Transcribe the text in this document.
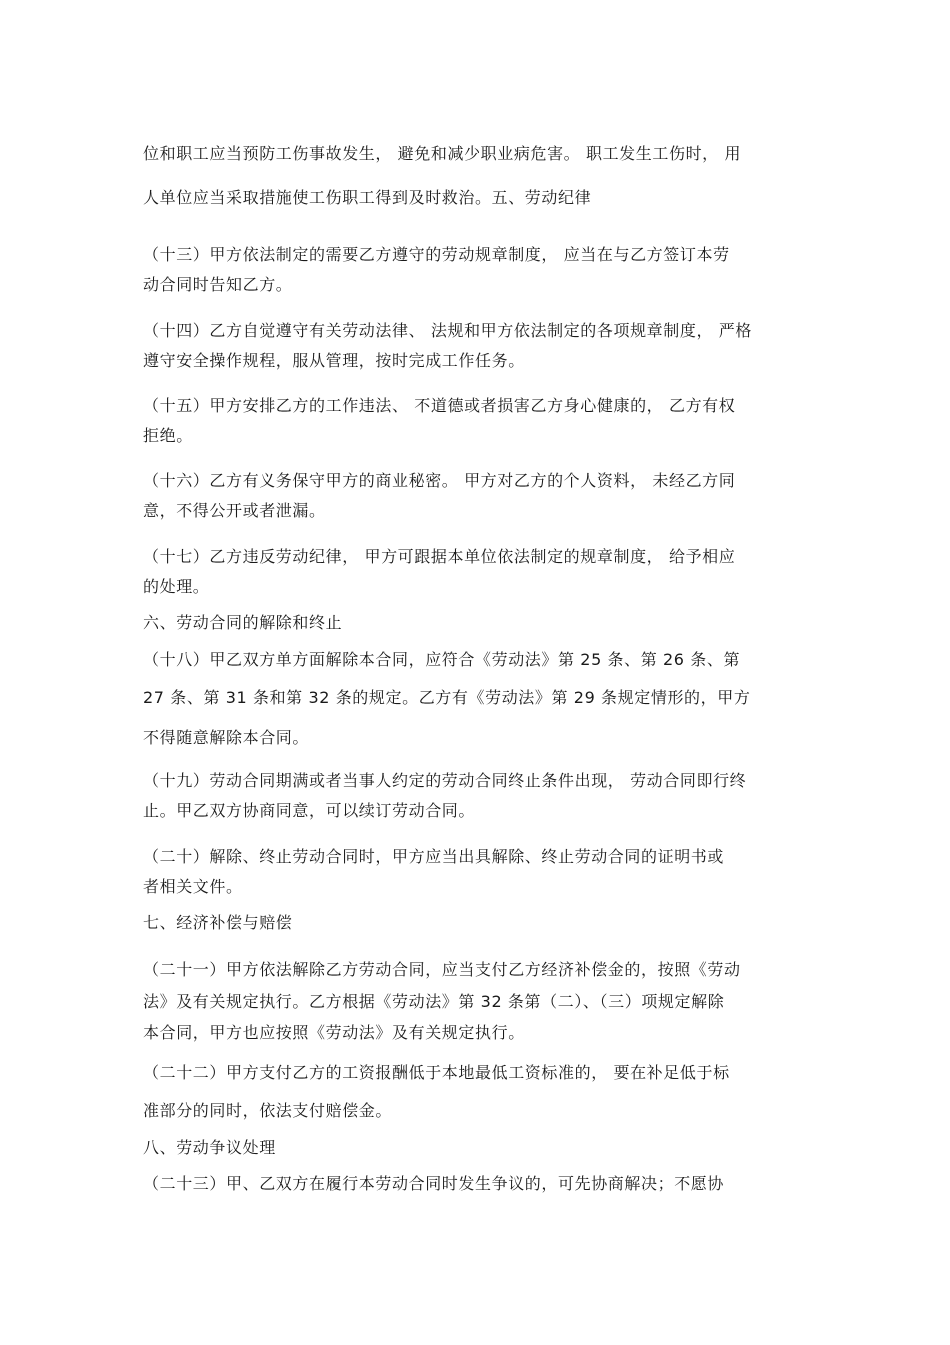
位和职工应当预防工伤事故发生， 避免和减少职业病危害。 职工发生工伤时， 用
人单位应当采取措施使工伤职工得到及时救治。五、劳动纪律
（十三）甲方依法制定的需要乙方遵守的劳动规章制度， 应当在与乙方签订本劳
动合同时告知乙方。
（十四）乙方自觉遵守有关劳动法律、 法规和甲方依法制定的各项规章制度， 严格
遵守安全操作规程，服从管理，按时完成工作任务。
（十五）甲方安排乙方的工作违法、 不道德或者损害乙方身心健康的， 乙方有权
拒绝。
（十六）乙方有义务保守甲方的商业秘密。 甲方对乙方的个人资料， 未经乙方同
意，不得公开或者泄漏。
（十七）乙方违反劳动纪律， 甲方可跟据本单位依法制定的规章制度， 给予相应
的处理。
六、劳动合同的解除和终止
（十八）甲乙双方单方面解除本合同，应符合《劳动法》第 25 条、第 26 条、第
27 条、第 31 条和第 32 条的规定。乙方有《劳动法》第 29 条规定情形的，甲方
不得随意解除本合同。
（十九）劳动合同期满或者当事人约定的劳动合同终止条件出现， 劳动合同即行终
止。甲乙双方协商同意，可以续订劳动合同。
（二十）解除、终止劳动合同时，甲方应当出具解除、终止劳动合同的证明书或
者相关文件。
七、经济补偿与赔偿
（二十一）甲方依法解除乙方劳动合同，应当支付乙方经济补偿金的，按照《劳动
法》及有关规定执行。乙方根据《劳动法》第 32 条第（二）、（三）项规定解除
本合同，甲方也应按照《劳动法》及有关规定执行。
（二十二）甲方支付乙方的工资报酬低于本地最低工资标准的， 要在补足低于标
准部分的同时，依法支付赔偿金。
八、劳动争议处理
（二十三）甲、乙双方在履行本劳动合同时发生争议的，可先协商解决；不愿协
